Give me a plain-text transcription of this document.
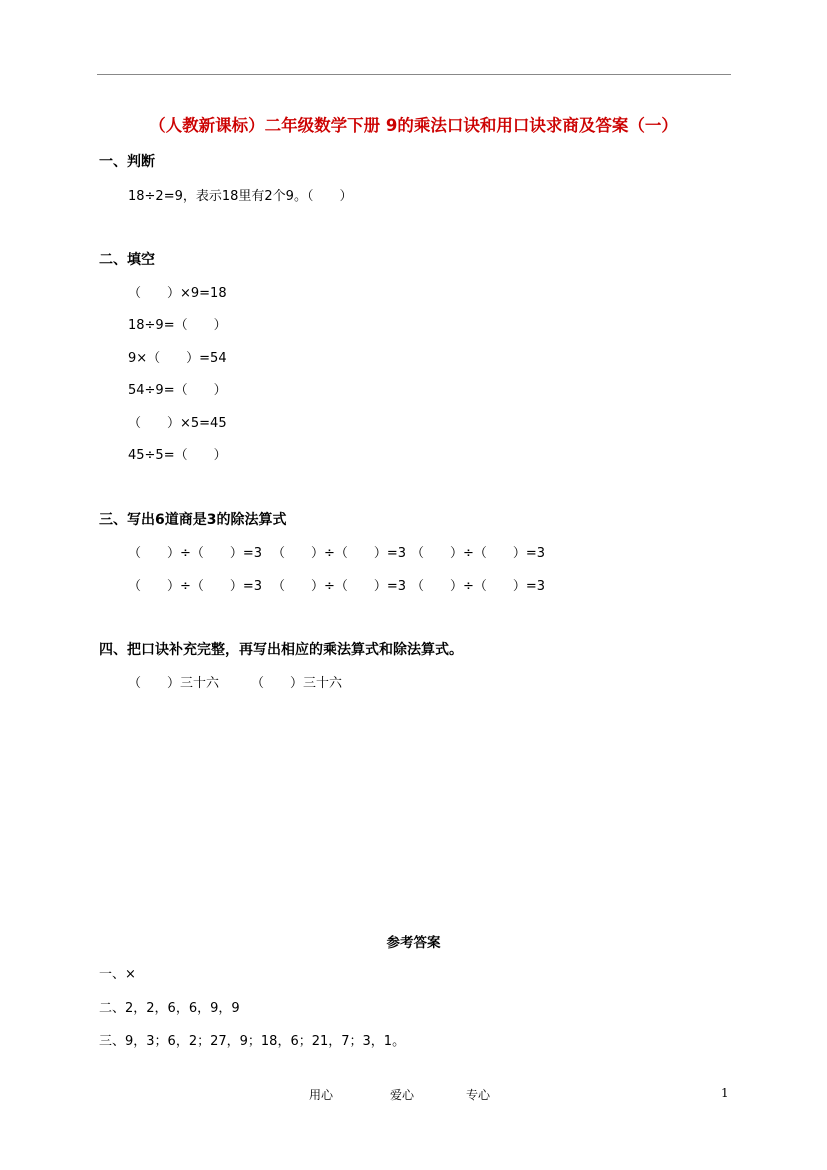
（人教新课标）二年级数学下册 9的乘法口诀和用口诀求商及答案（一）
一、判断
18÷2=9，表示18里有2个9。（　　）
二、填空
（　　）×9=18
18÷9=（　　）
9×（　　）=54
54÷9=（　　）
（　　）×5=45
45÷5=（　　）
三、写出6道商是3的除法算式
（　　）÷（　　）=3 （　　）÷（　　）=3 （　　）÷（　　）=3
（　　）÷（　　）=3 （　　）÷（　　）=3 （　　）÷（　　）=3
四、把口诀补充完整，再写出相应的乘法算式和除法算式。
（　　）三十六 （　　）三十六
参考答案
一、×
二、2，2，6，6，9，9
三、9，3；6，2；27，9；18，6；21，7；3，1。
用心	爱心	专心	1
